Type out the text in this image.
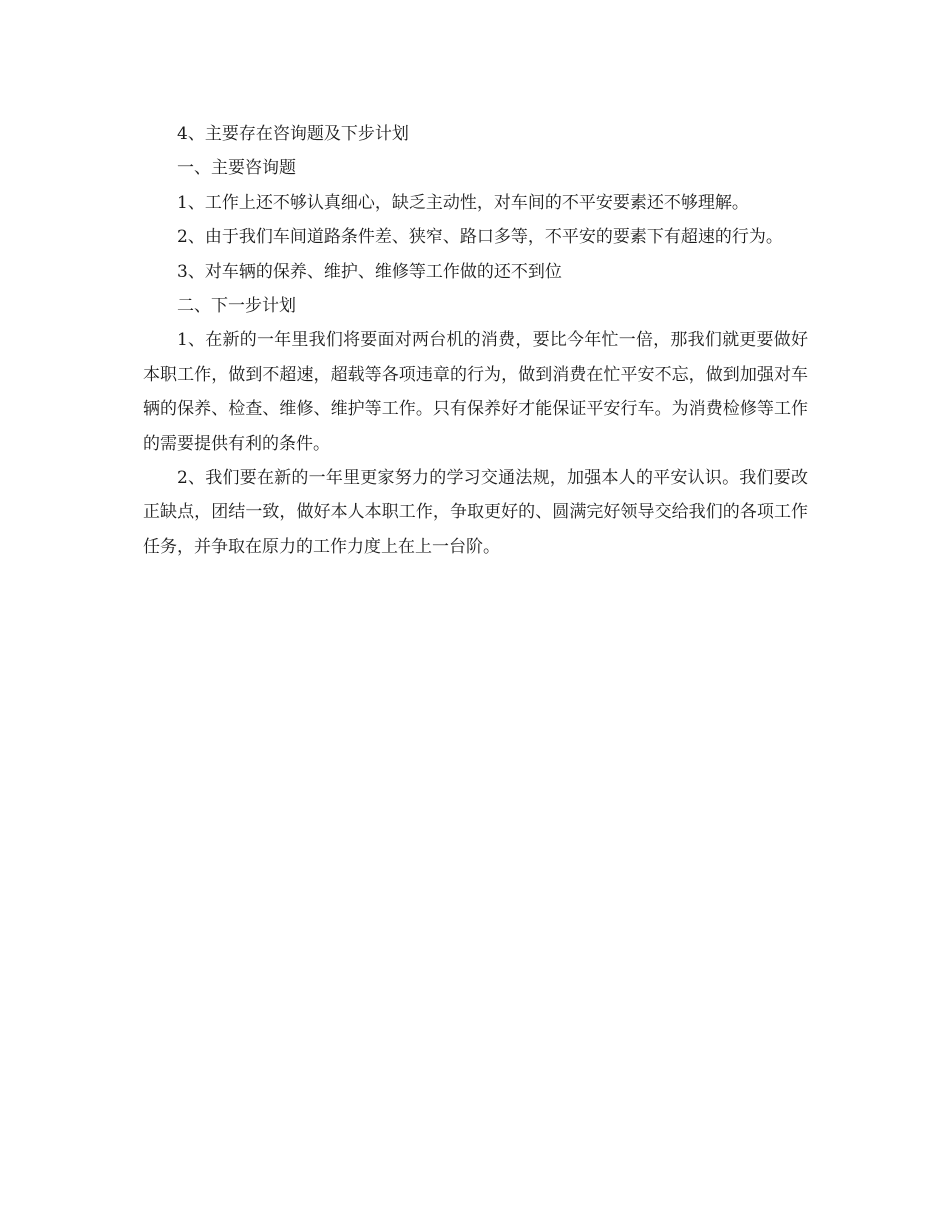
4、主要存在咨询题及下步计划

一、主要咨询题

1、工作上还不够认真细心，缺乏主动性，对车间的不平安要素还不够理解。

2、由于我们车间道路条件差、狭窄、路口多等，不平安的要素下有超速的行为。

3、对车辆的保养、维护、维修等工作做的还不到位

二、下一步计划

1、在新的一年里我们将要面对两台机的消费，要比今年忙一倍，那我们就更要做好本职工作，做到不超速，超载等各项违章的行为，做到消费在忙平安不忘，做到加强对车辆的保养、检查、维修、维护等工作。只有保养好才能保证平安行车。为消费检修等工作的需要提供有利的条件。

2、我们要在新的一年里更家努力的学习交通法规，加强本人的平安认识。我们要改正缺点，团结一致，做好本人本职工作，争取更好的、圆满完好领导交给我们的各项工作任务，并争取在原力的工作力度上在上一台阶。
